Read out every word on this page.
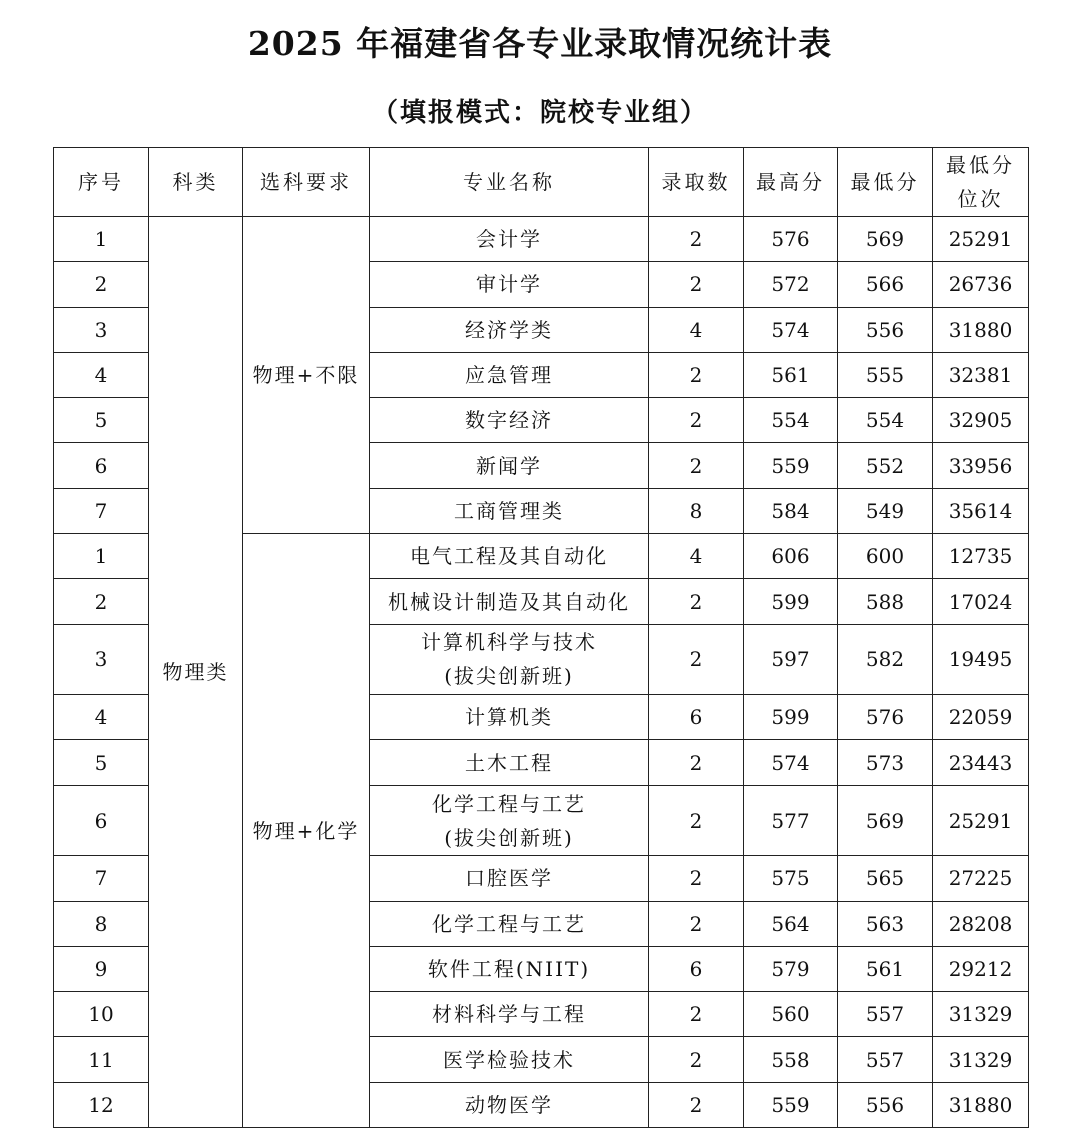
2025 年福建省各专业录取情况统计表
（填报模式：院校专业组）
序号	科类	选科要求	专业名称	录取数	最高分	最低分	最低分
位次
1	物理类	物理+不限	会计学	2	576	569	25291
2			审计学	2	572	566	26736
3			经济学类	4	574	556	31880
4			应急管理	2	561	555	32381
5			数字经济	2	554	554	32905
6			新闻学	2	559	552	33956
7			工商管理类	8	584	549	35614
1		物理+化学	电气工程及其自动化	4	606	600	12735
2			机械设计制造及其自动化	2	599	588	17024
3			计算机科学与技术
(拔尖创新班)	2	597	582	19495
4			计算机类	6	599	576	22059
5			土木工程	2	574	573	23443
6			化学工程与工艺
(拔尖创新班)	2	577	569	25291
7			口腔医学	2	575	565	27225
8			化学工程与工艺	2	564	563	28208
9			软件工程(NIIT)	6	579	561	29212
10			材料科学与工程	2	560	557	31329
11			医学检验技术	2	558	557	31329
12			动物医学	2	559	556	31880
